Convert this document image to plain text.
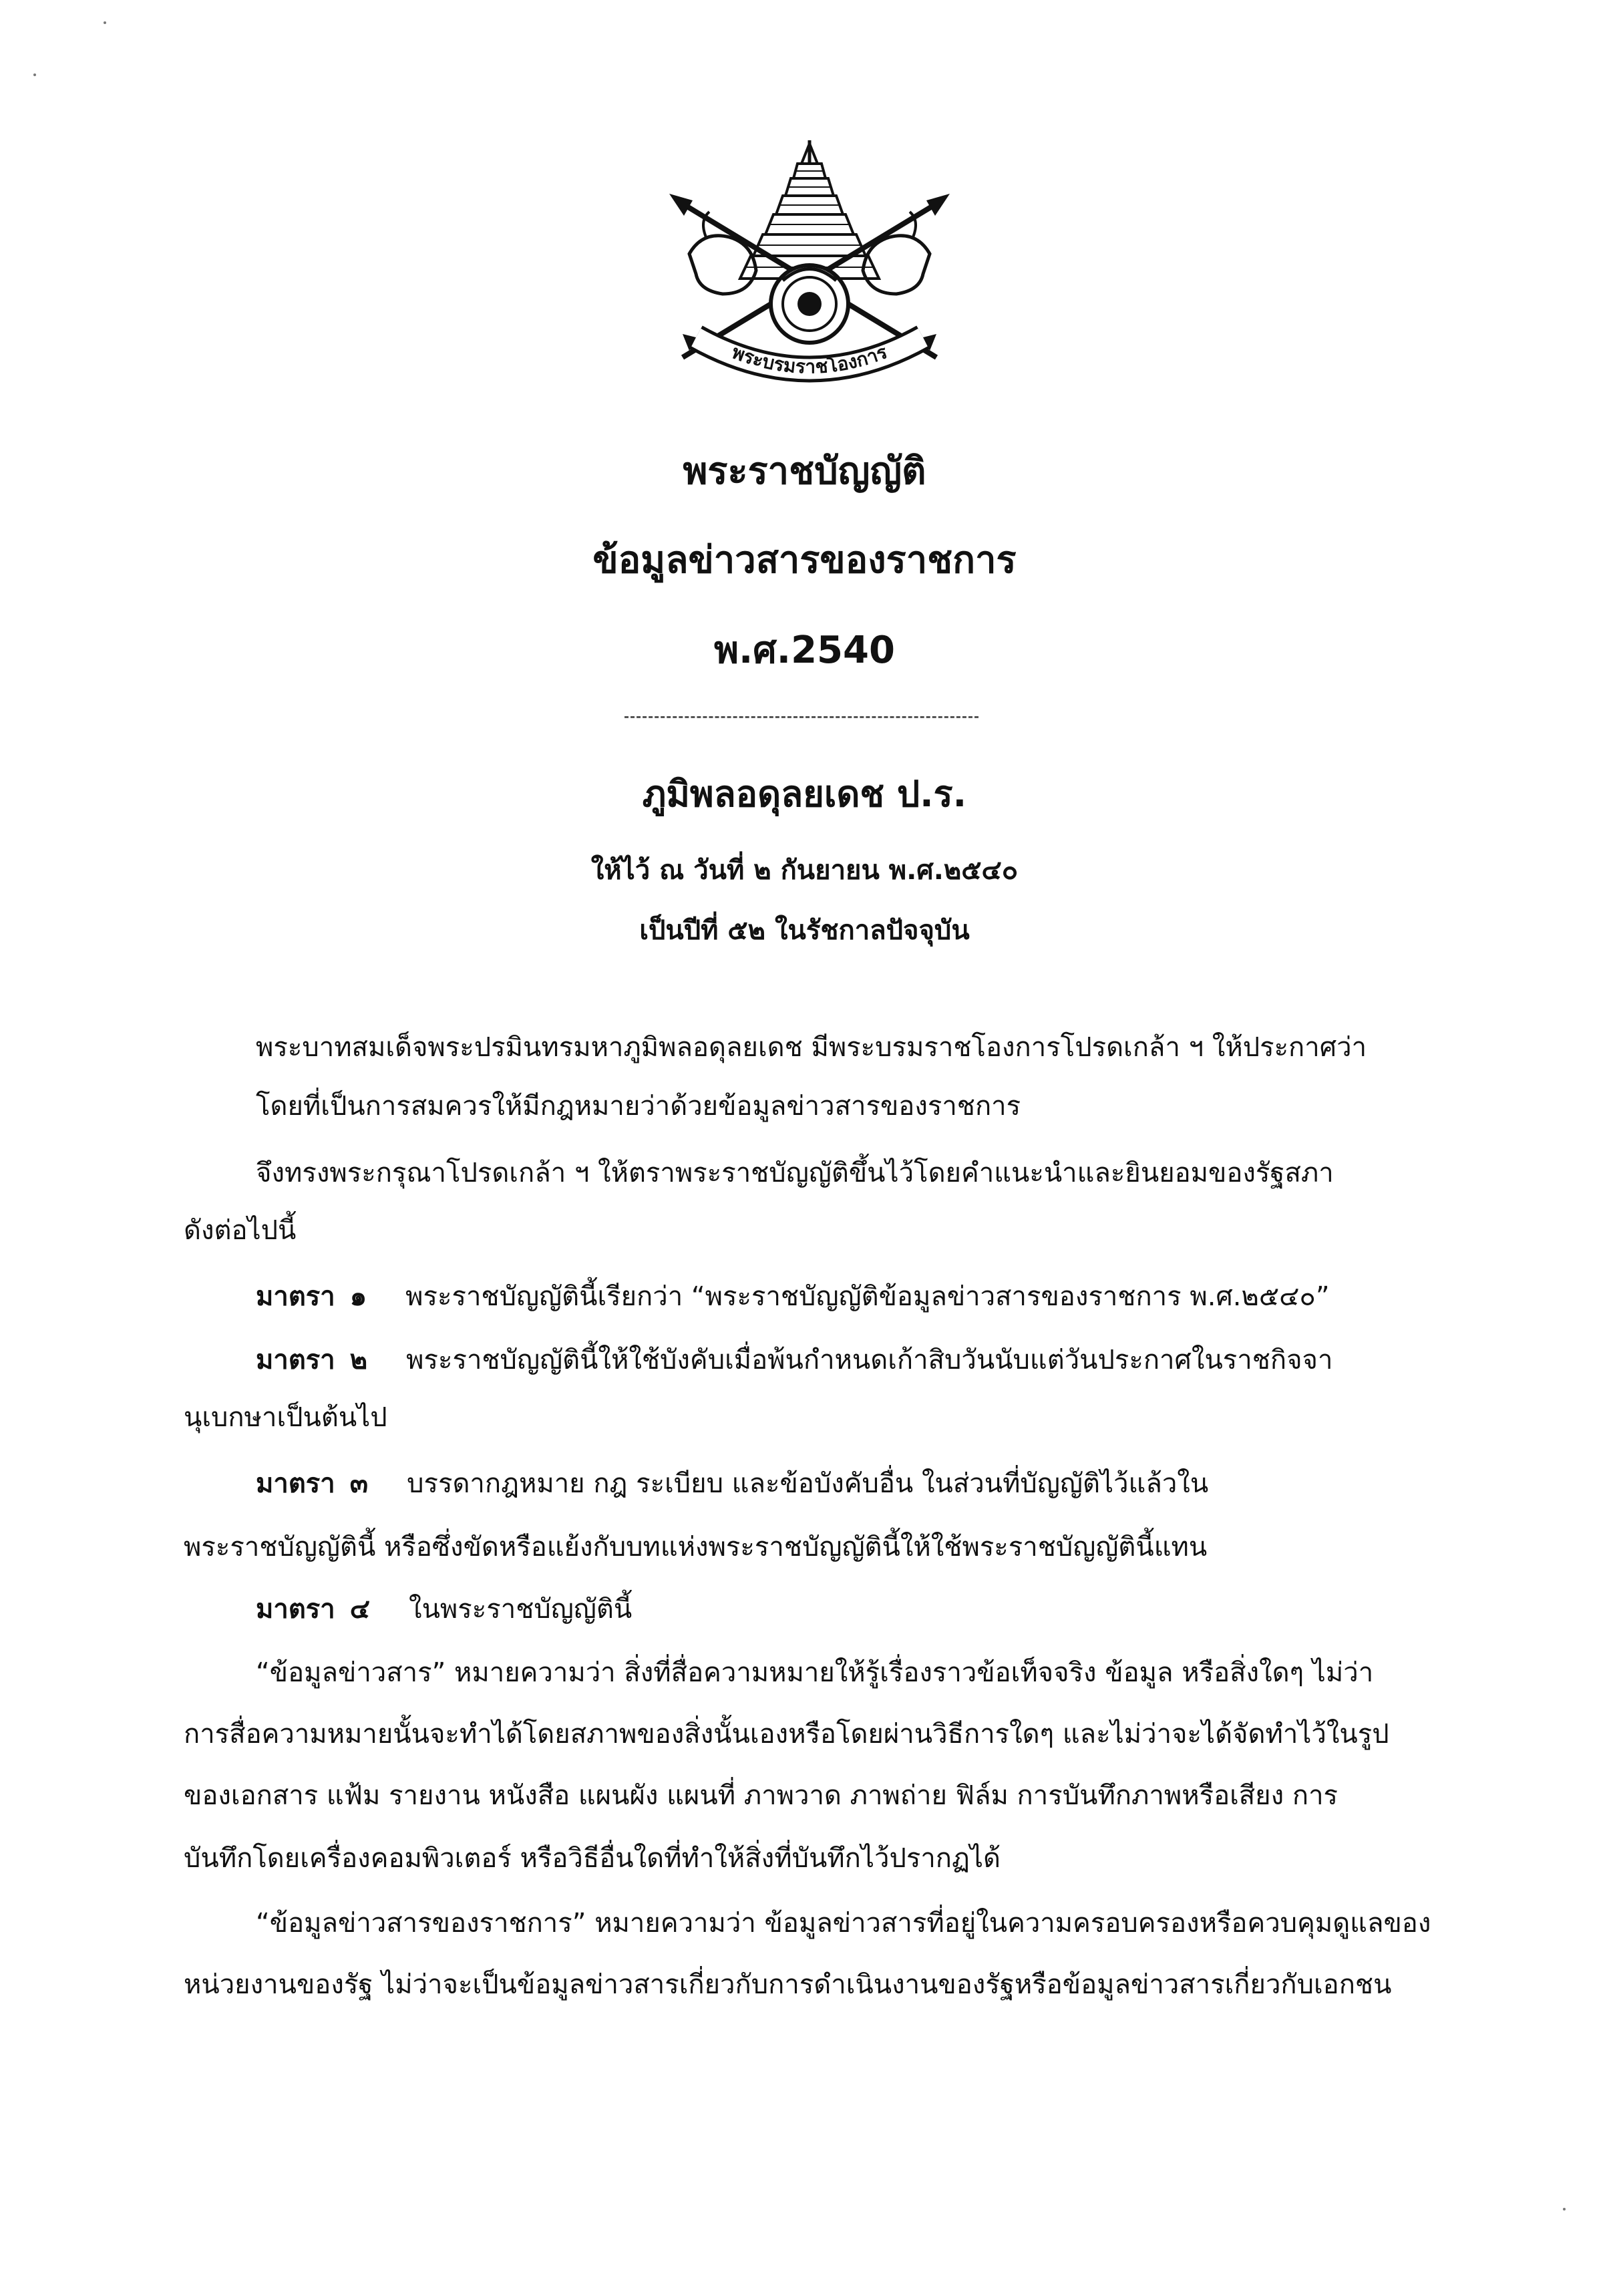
พระบรมราชโองการ
พระราชบัญญัติ
ข้อมูลข่าวสารของราชการ
พ.ศ.2540
ภูมิพลอดุลยเดช ป.ร.
ให้ไว้ ณ วันที่ ๒ กันยายน พ.ศ.๒๕๔๐
เป็นปีที่ ๕๒ ในรัชกาลปัจจุบัน
พระบาทสมเด็จพระปรมินทรมหาภูมิพลอดุลยเดช มีพระบรมราชโองการโปรดเกล้า ฯ ให้ประกาศว่า
โดยที่เป็นการสมควรให้มีกฎหมายว่าด้วยข้อมูลข่าวสารของราชการ
จึงทรงพระกรุณาโปรดเกล้า ฯ ให้ตราพระราชบัญญัติขึ้นไว้โดยคำแนะนำและยินยอมของรัฐสภา
ดังต่อไปนี้
มาตรา ๑ พระราชบัญญัตินี้เรียกว่า “พระราชบัญญัติข้อมูลข่าวสารของราชการ พ.ศ.๒๕๔๐”
มาตรา ๒ พระราชบัญญัตินี้ให้ใช้บังคับเมื่อพ้นกำหนดเก้าสิบวันนับแต่วันประกาศในราชกิจจา
นุเบกษาเป็นต้นไป
มาตรา ๓ บรรดากฎหมาย กฎ ระเบียบ และข้อบังคับอื่น ในส่วนที่บัญญัติไว้แล้วใน
พระราชบัญญัตินี้ หรือซึ่งขัดหรือแย้งกับบทแห่งพระราชบัญญัตินี้ให้ใช้พระราชบัญญัตินี้แทน
มาตรา ๔ ในพระราชบัญญัตินี้
“ข้อมูลข่าวสาร” หมายความว่า สิ่งที่สื่อความหมายให้รู้เรื่องราวข้อเท็จจริง ข้อมูล หรือสิ่งใดๆ ไม่ว่า
การสื่อความหมายนั้นจะทำได้โดยสภาพของสิ่งนั้นเองหรือโดยผ่านวิธีการใดๆ และไม่ว่าจะได้จัดทำไว้ในรูป
ของเอกสาร แฟ้ม รายงาน หนังสือ แผนผัง แผนที่ ภาพวาด ภาพถ่าย ฟิล์ม การบันทึกภาพหรือเสียง การ
บันทึกโดยเครื่องคอมพิวเตอร์ หรือวิธีอื่นใดที่ทำให้สิ่งที่บันทึกไว้ปรากฏได้
“ข้อมูลข่าวสารของราชการ” หมายความว่า ข้อมูลข่าวสารที่อยู่ในความครอบครองหรือควบคุมดูแลของ
หน่วยงานของรัฐ ไม่ว่าจะเป็นข้อมูลข่าวสารเกี่ยวกับการดำเนินงานของรัฐหรือข้อมูลข่าวสารเกี่ยวกับเอกชน
